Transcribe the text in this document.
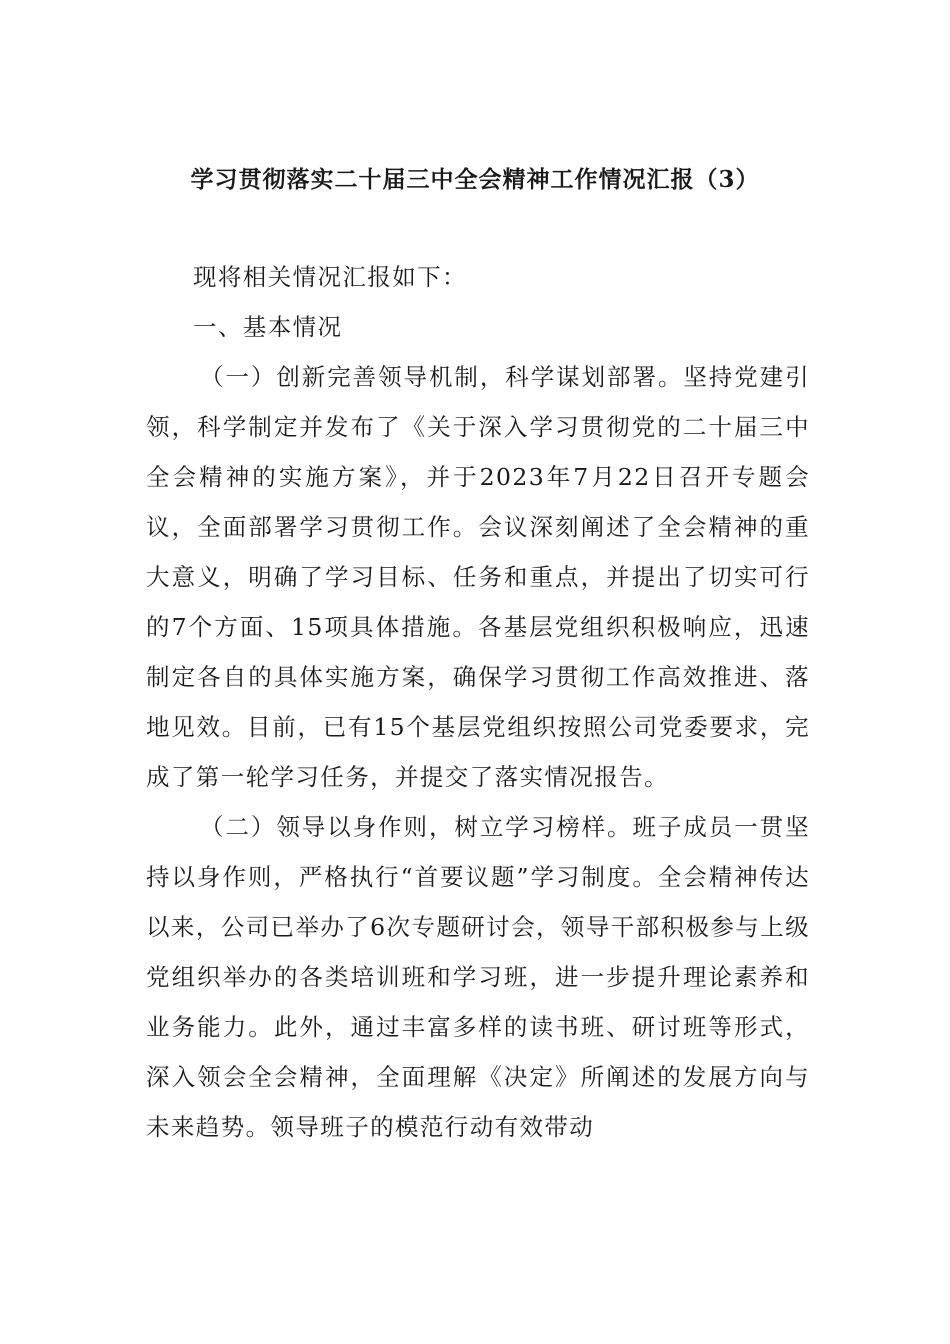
学习贯彻落实二十届三中全会精神工作情况汇报（3）

现将相关情况汇报如下：

一、基本情况

（一）创新完善领导机制，科学谋划部署。坚持党建引领，科学制定并发布了《关于深入学习贯彻党的二十届三中全会精神的实施方案》，并于2023年7月22日召开专题会议，全面部署学习贯彻工作。会议深刻阐述了全会精神的重大意义，明确了学习目标、任务和重点，并提出了切实可行的7个方面、15项具体措施。各基层党组织积极响应，迅速制定各自的具体实施方案，确保学习贯彻工作高效推进、落地见效。目前，已有15个基层党组织按照公司党委要求，完成了第一轮学习任务，并提交了落实情况报告。

（二）领导以身作则，树立学习榜样。班子成员一贯坚持以身作则，严格执行“首要议题”学习制度。全会精神传达以来，公司已举办了6次专题研讨会，领导干部积极参与上级党组织举办的各类培训班和学习班，进一步提升理论素养和业务能力。此外，通过丰富多样的读书班、研讨班等形式，深入领会全会精神，全面理解《决定》所阐述的发展方向与未来趋势。领导班子的模范行动有效带动
